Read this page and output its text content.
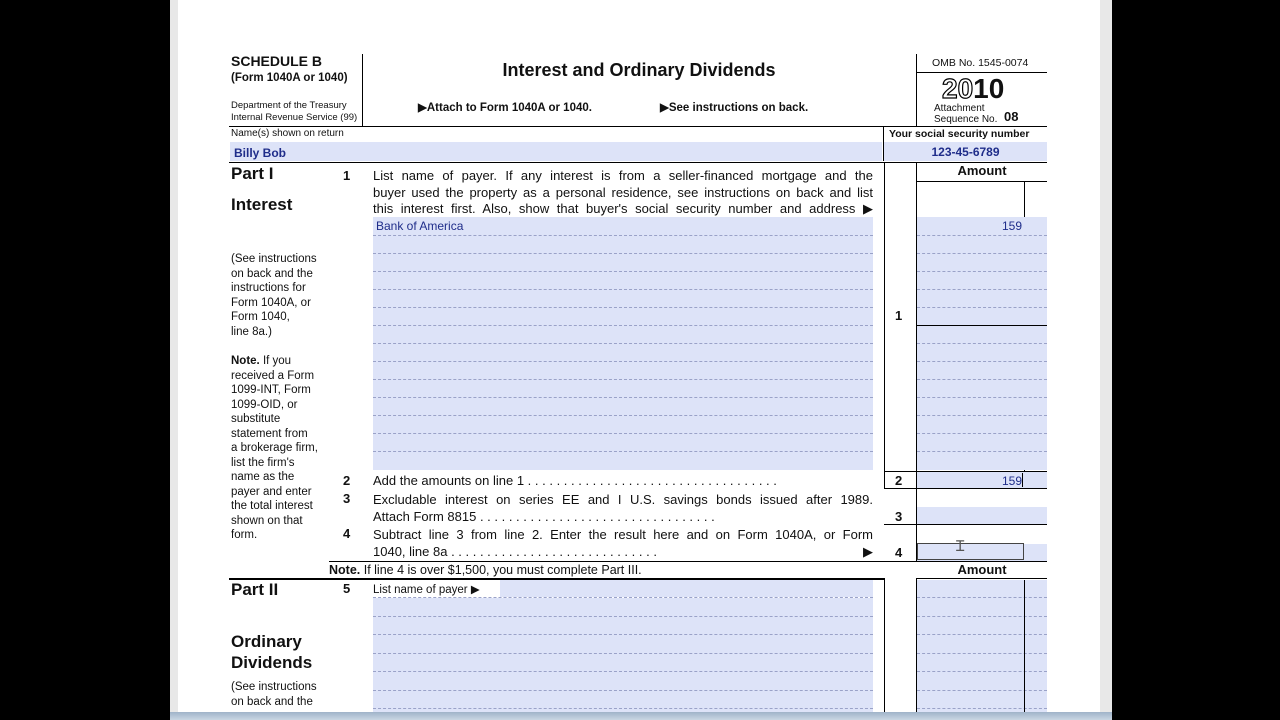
SCHEDULE B
(Form 1040A or 1040)
Department of the Treasury
Internal Revenue Service (99)
Interest and Ordinary Dividends
▶Attach to Form 1040A or 1040.	▶See instructions on back.
OMB No. 1545-0074
2010
Attachment
Sequence No. 08
Name(s) shown on return	Your social security number
Billy Bob	123-45-6789
Part I
Interest
(See instructions
on back and the
instructions for
Form 1040A, or
Form 1040,
line 8a.)
Note. If you
received a Form
1099-INT, Form
1099-OID, or
substitute
statement from
a brokerage firm,
list the firm's
name as the
payer and enter
the total interest
shown on that
form.
1 List name of payer. If any interest is from a seller-financed mortgage and the
buyer used the property as a personal residence, see instructions on back and list
this interest first. Also, show that buyer's social security number and address ▶
Amount
Bank of America	159
1
2 Add the amounts on line 1 . . . . . . . . . . . . . . . . . . . . . . . . . . . . . . . . . . .	2	159
3 Excludable interest on series EE and I U.S. savings bonds issued after 1989.
Attach Form 8815 . . . . . . . . . . . . . . . . . . . . . . . . . . . . . . . . .	3
4 Subtract line 3 from line 2. Enter the result here and on Form 1040A, or Form
1040, line 8a . . . . . . . . . . . . . . . . . . . . . . . . . . . . .	▶ 4	Ɪ
Note. If line 4 is over $1,500, you must complete Part III.	Amount
Part II
Ordinary
Dividends
(See instructions
on back and the
5 List name of payer ▶
